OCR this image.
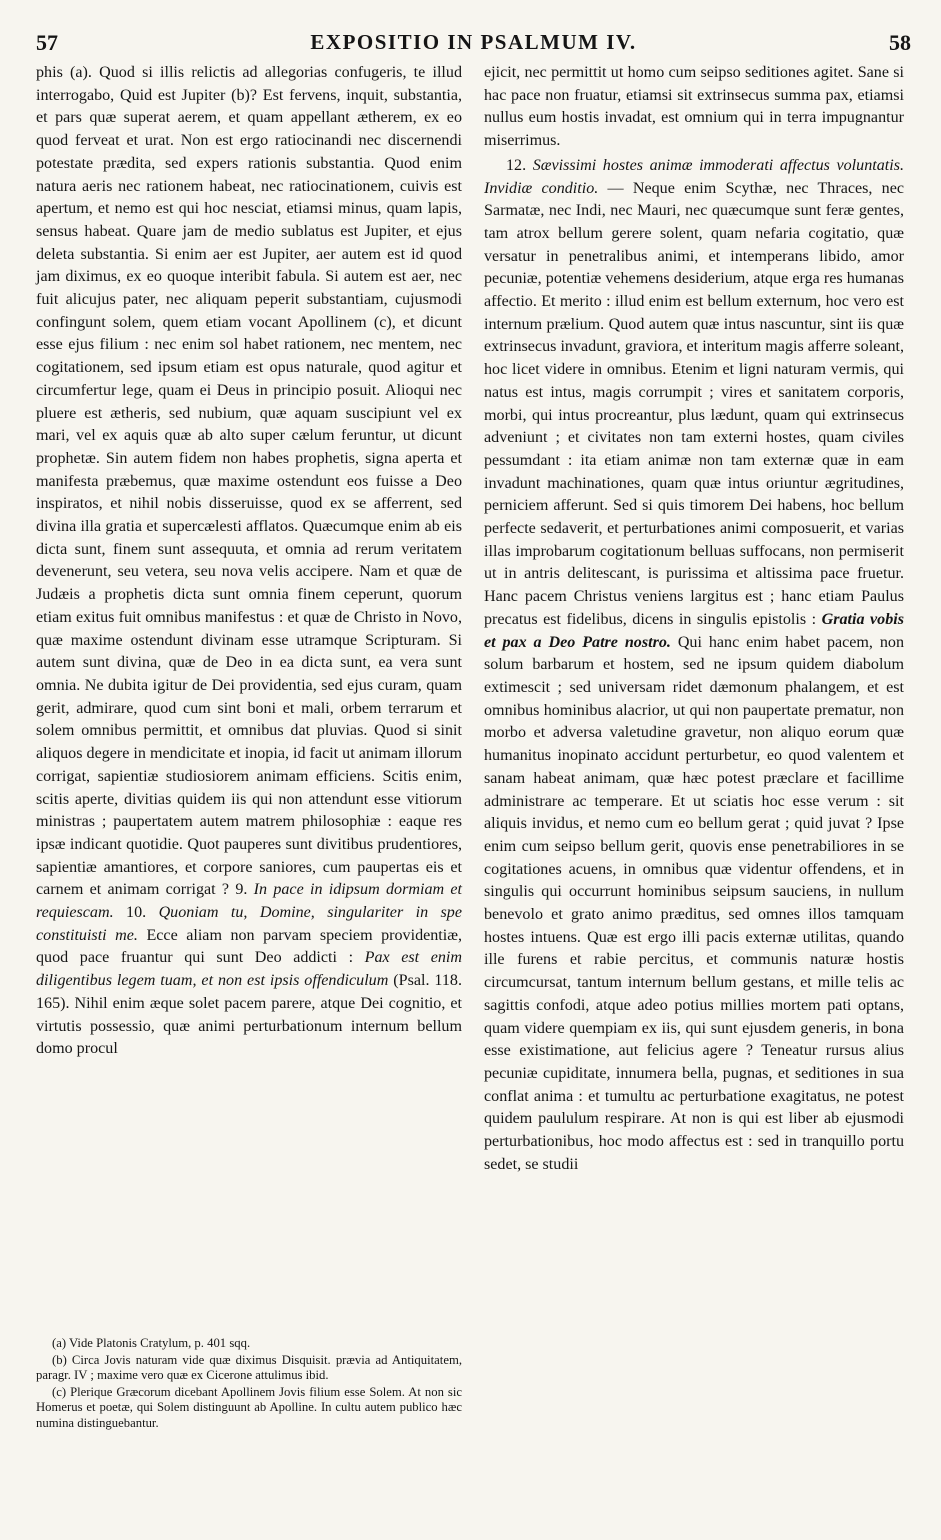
57	EXPOSITIO IN PSALMUM IV.	58

phis (a). Quod si illis relictis ad allegorias confugeris, te illud interrogabo, Quid est Jupiter (b)? Est fervens, inquit, substantia, et pars quæ superat aerem, et quam appellant ætherem, ex eo quod ferveat et urat. Non est ergo ratiocinandi nec discernendi potestate prædita, sed expers rationis substantia. Quod enim natura aeris nec rationem habeat, nec ratiocinationem, cuivis est apertum, et nemo est qui hoc nesciat, etiamsi minus, quam lapis, sensus habeat. Quare jam de medio sublatus est Jupiter, et ejus deleta substantia. Si enim aer est Jupiter, aer autem est id quod jam diximus, ex eo quoque interibit fabula. Si autem est aer, nec fuit alicujus pater, nec aliquam peperit substantiam, cujusmodi confingunt solem, quem etiam vocant Apollinem (c), et dicunt esse ejus filium : nec enim sol habet rationem, nec mentem, nec cogitationem, sed ipsum etiam est opus naturale, quod agitur et circumfertur lege, quam ei Deus in principio posuit. Alioqui nec pluere est ætheris, sed nubium, quæ aquam suscipiunt vel ex mari, vel ex aquis quæ ab alto super cælum feruntur, ut dicunt prophetæ. Sin autem fidem non habes prophetis, signa aperta et manifesta præbemus, quæ maxime ostendunt eos fuisse a Deo inspiratos, et nihil nobis disseruisse, quod ex se afferrent, sed divina illa gratia et supercælesti afflatos. Quæcumque enim ab eis dicta sunt, finem sunt assequuta, et omnia ad rerum veritatem devenerunt, seu vetera, seu nova velis accipere. Nam et quæ de Judæis a prophetis dicta sunt omnia finem ceperunt, quorum etiam exitus fuit omnibus manifestus : et quæ de Christo in Novo, quæ maxime ostendunt divinam esse utramque Scripturam. Si autem sunt divina, quæ de Deo in ea dicta sunt, ea vera sunt omnia. Ne dubita igitur de Dei providentia, sed ejus curam, quam gerit, admirare, quod cum sint boni et mali, orbem terrarum et solem omnibus permittit, et omnibus dat pluvias. Quod si sinit aliquos degere in mendicitate et inopia, id facit ut animam illorum corrigat, sapientiæ studiosiorem animam efficiens. Scitis enim, scitis aperte, divitias quidem iis qui non attendunt esse vitiorum ministras ; paupertatem autem matrem philosophiæ : eaque res ipsæ indicant quotidie. Quot pauperes sunt divitibus prudentiores, sapientiæ amantiores, et corpore saniores, cum paupertas eis et carnem et animam corrigat ? 9. In pace in idipsum dormiam et requiescam. 10. Quoniam tu, Domine, singulariter in spe constituisti me. Ecce aliam non parvam speciem providentiæ, quod pace fruantur qui sunt Deo addicti : Pax est enim diligentibus legem tuam, et non est ipsis offendiculum (Psal. 118. 165). Nihil enim æque solet pacem parere, atque Dei cognitio, et virtutis possessio, quæ animi perturbationum internum bellum domo procul

(a) Vide Platonis Cratylum, p. 401 sqq.

(b) Circa Jovis naturam vide quæ diximus Disquisit. prævia ad Antiquitatem, paragr. IV ; maxime vero quæ ex Cicerone attulimus ibid.

(c) Plerique Græcorum dicebant Apollinem Jovis filium esse Solem. At non sic Homerus et poetæ, qui Solem distinguunt ab Apolline. In cultu autem publico hæc numina distinguebantur.

ejicit, nec permittit ut homo cum seipso seditiones agitet. Sane si hac pace non fruatur, etiamsi sit extrinsecus summa pax, etiamsi nullus eum hostis invadat, est omnium qui in terra impugnantur miserrimus.

12. Sævissimi hostes animæ immoderati affectus voluntatis. Invidiæ conditio. — Neque enim Scythæ, nec Thraces, nec Sarmatæ, nec Indi, nec Mauri, nec quæcumque sunt feræ gentes, tam atrox bellum gerere solent, quam nefaria cogitatio, quæ versatur in penetralibus animi, et intemperans libido, amor pecuniæ, potentiæ vehemens desiderium, atque erga res humanas affectio. Et merito : illud enim est bellum externum, hoc vero est internum prælium. Quod autem quæ intus nascuntur, sint iis quæ extrinsecus invadunt, graviora, et interitum magis afferre soleant, hoc licet videre in omnibus. Etenim et ligni naturam vermis, qui natus est intus, magis corrumpit ; vires et sanitatem corporis, morbi, qui intus procreantur, plus lædunt, quam qui extrinsecus adveniunt ; et civitates non tam externi hostes, quam civiles pessumdant : ita etiam animæ non tam externæ quæ in eam invadunt machinationes, quam quæ intus oriuntur ægritudines, perniciem afferunt. Sed si quis timorem Dei habens, hoc bellum perfecte sedaverit, et perturbationes animi composuerit, et varias illas improbarum cogitationum belluas suffocans, non permiserit ut in antris delitescant, is purissima et altissima pace fruetur. Hanc pacem Christus veniens largitus est ; hanc etiam Paulus precatus est fidelibus, dicens in singulis epistolis : Gratia vobis et pax a Deo Patre nostro. Qui hanc enim habet pacem, non solum barbarum et hostem, sed ne ipsum quidem diabolum extimescit ; sed universam ridet dæmonum phalangem, et est omnibus hominibus alacrior, ut qui non paupertate prematur, non morbo et adversa valetudine gravetur, non aliquo eorum quæ humanitus inopinato accidunt perturbetur, eo quod valentem et sanam habeat animam, quæ hæc potest præclare et facillime administrare ac temperare. Et ut sciatis hoc esse verum : sit aliquis invidus, et nemo cum eo bellum gerat ; quid juvat ? Ipse enim cum seipso bellum gerit, quovis ense penetrabiliores in se cogitationes acuens, in omnibus quæ videntur offendens, et in singulis qui occurrunt hominibus seipsum sauciens, in nullum benevolo et grato animo præditus, sed omnes illos tamquam hostes intuens. Quæ est ergo illi pacis externæ utilitas, quando ille furens et rabie percitus, et communis naturæ hostis circumcursat, tantum internum bellum gestans, et mille telis ac sagittis confodi, atque adeo potius millies mortem pati optans, quam videre quempiam ex iis, qui sunt ejusdem generis, in bona esse existimatione, aut felicius agere ? Teneatur rursus alius pecuniæ cupiditate, innumera bella, pugnas, et seditiones in sua conflat anima : et tumultu ac perturbatione exagitatus, ne potest quidem paululum respirare. At non is qui est liber ab ejusmodi perturbationibus, hoc modo affectus est : sed in tranquillo portu sedet, se studii
